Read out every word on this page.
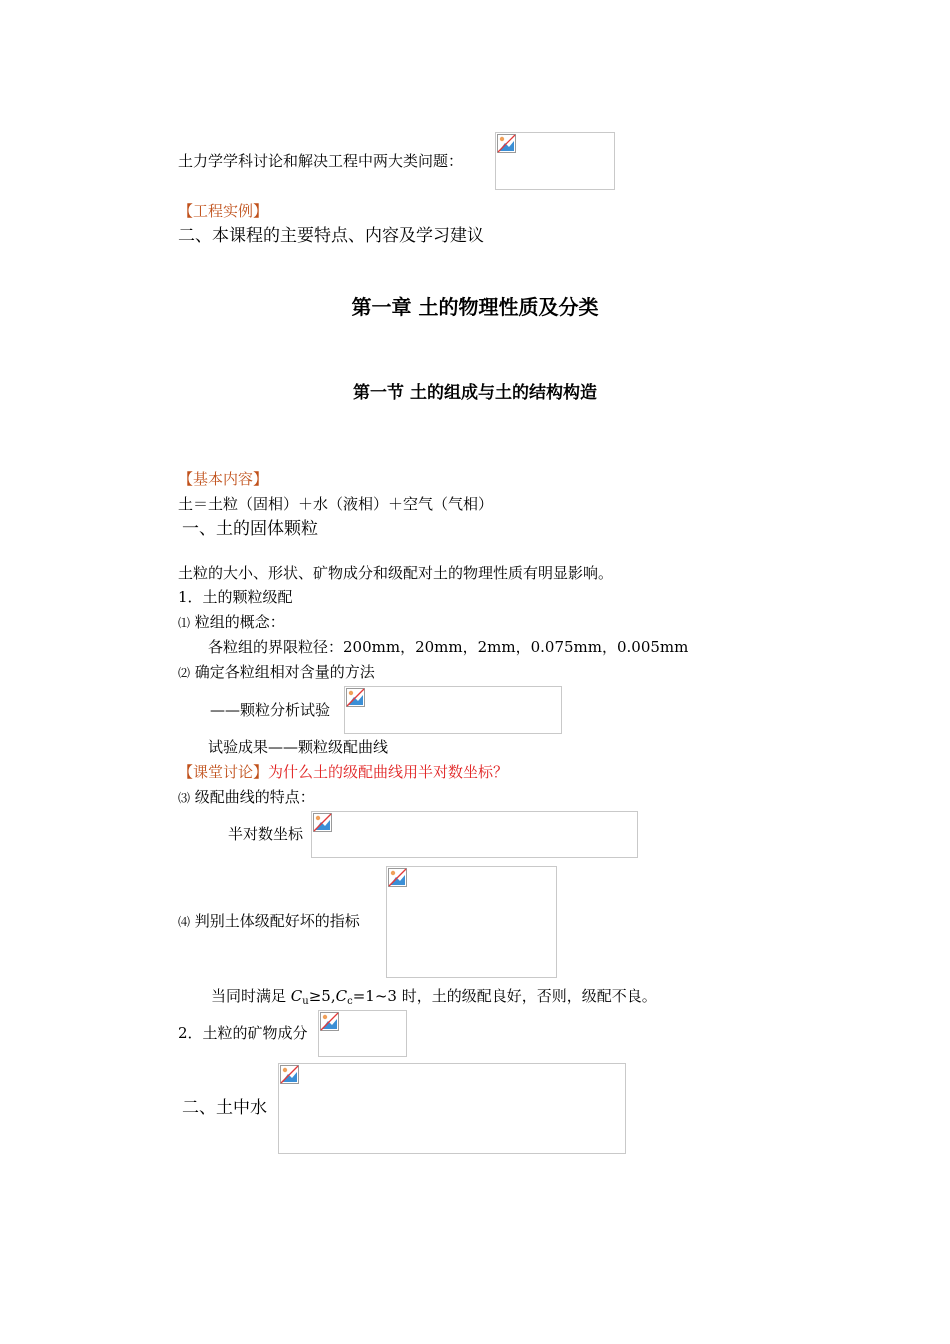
土力学学科讨论和解决工程中两大类问题：
【工程实例】
二、本课程的主要特点、内容及学习建议
第一章 土的物理性质及分类
第一节 土的组成与土的结构构造
【基本内容】
土＝土粒（固相）＋水（液相）＋空气（气相）
一、土的固体颗粒
土粒的大小、形状、矿物成分和级配对土的物理性质有明显影响。
1．土的颗粒级配
⑴ 粒组的概念：
各粒组的界限粒径：200mm，20mm，2mm，0.075mm，0.005mm
⑵ 确定各粒组相对含量的方法
——颗粒分析试验
试验成果——颗粒级配曲线
【课堂讨论】为什么土的级配曲线用半对数坐标？
⑶ 级配曲线的特点：
半对数坐标
⑷ 判别土体级配好坏的指标
当同时满足 $C_u\ge 5,C_c=1\sim 3$ 时，土的级配良好，否则，级配不良。
2．土粒的矿物成分
二、土中水
